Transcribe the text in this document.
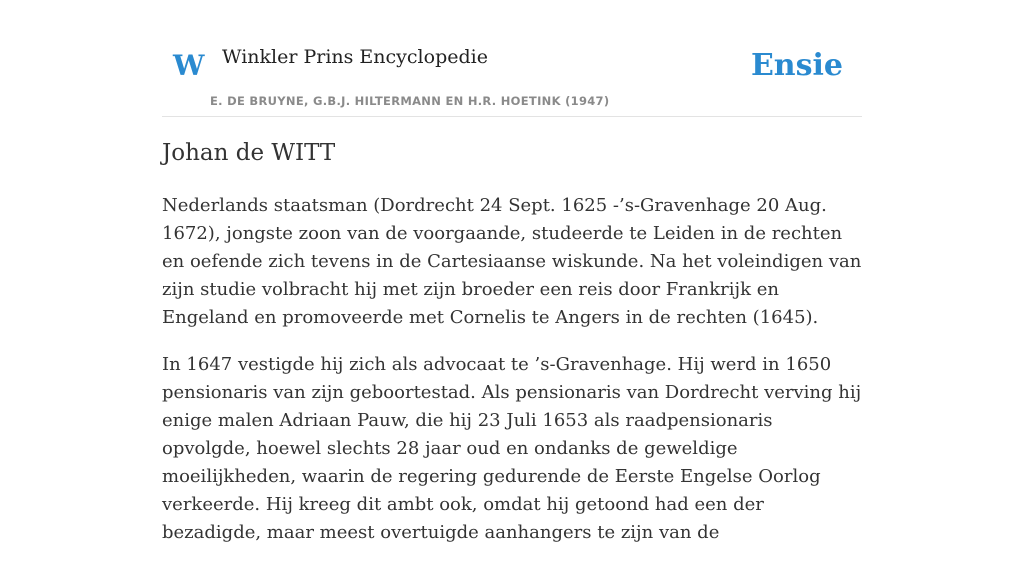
W Winkler Prins Encyclopedie
E. DE BRUYNE, G.B.J. HILTERMANN EN H.R. HOETINK (1947)
Ensie
Johan de WITT

Nederlands staatsman (Dordrecht 24 Sept. 1625 -’s-Gravenhage 20 Aug. 1672), jongste zoon van de voorgaande, studeerde te Leiden in de rechten en oefende zich tevens in de Cartesiaanse wiskunde. Na het voleindigen van zijn studie volbracht hij met zijn broeder een reis door Frankrijk en Engeland en promoveerde met Cornelis te Angers in de rechten (1645).

In 1647 vestigde hij zich als advocaat te ’s-Gravenhage. Hij werd in 1650 pensionaris van zijn geboortestad. Als pensionaris van Dordrecht verving hij enige malen Adriaan Pauw, die hij 23 Juli 1653 als raadpensionaris opvolgde, hoewel slechts 28 jaar oud en ondanks de geweldige moeilijkheden, waarin de regering gedurende de Eerste Engelse Oorlog verkeerde. Hij kreeg dit ambt ook, omdat hij getoond had een der bezadigde, maar meest overtuigde aanhangers te zijn van de
